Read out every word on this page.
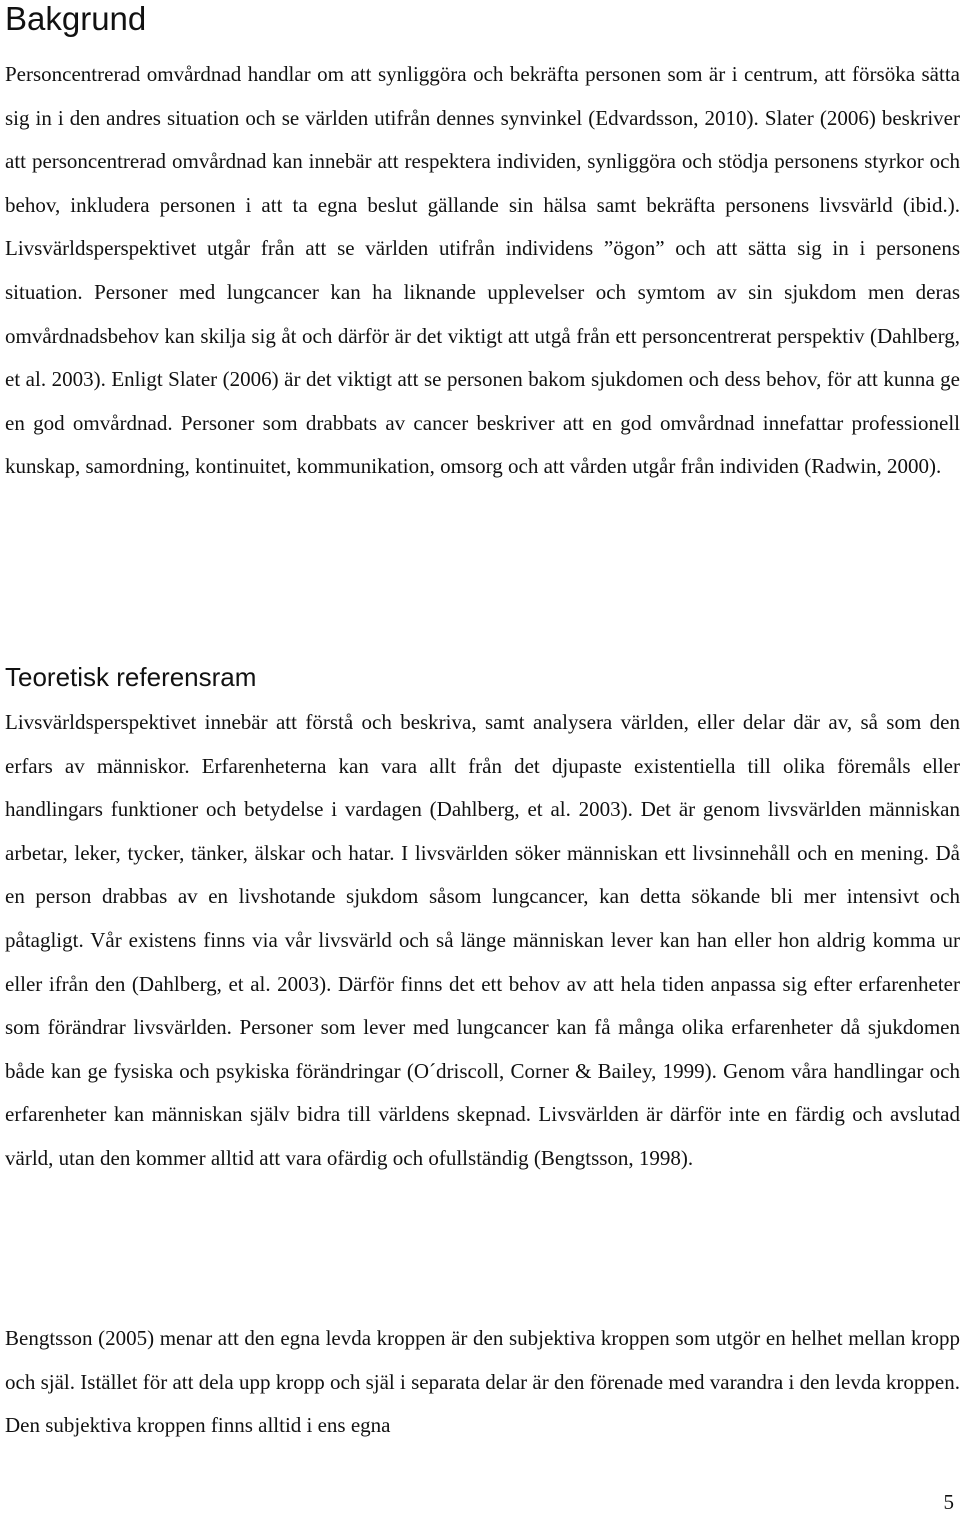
Bakgrund

Personcentrerad omvårdnad handlar om att synliggöra och bekräfta personen som är i centrum, att försöka sätta sig in i den andres situation och se världen utifrån dennes synvinkel (Edvardsson, 2010). Slater (2006) beskriver att personcentrerad omvårdnad kan innebär att respektera individen, synliggöra och stödja personens styrkor och behov, inkludera personen i att ta egna beslut gällande sin hälsa samt bekräfta personens livsvärld (ibid.). Livsvärldsperspektivet utgår från att se världen utifrån individens ”ögon” och att sätta sig in i personens situation. Personer med lungcancer kan ha liknande upplevelser och symtom av sin sjukdom men deras omvårdnadsbehov kan skilja sig åt och därför är det viktigt att utgå från ett personcentrerat perspektiv (Dahlberg, et al. 2003). Enligt Slater (2006) är det viktigt att se personen bakom sjukdomen och dess behov, för att kunna ge en god omvårdnad. Personer som drabbats av cancer beskriver att en god omvårdnad innefattar professionell kunskap, samordning, kontinuitet, kommunikation, omsorg och att vården utgår från individen (Radwin, 2000).

Teoretisk referensram

Livsvärldsperspektivet innebär att förstå och beskriva, samt analysera världen, eller delar där av, så som den erfars av människor. Erfarenheterna kan vara allt från det djupaste existentiella till olika föremåls eller handlingars funktioner och betydelse i vardagen (Dahlberg, et al. 2003). Det är genom livsvärlden människan arbetar, leker, tycker, tänker, älskar och hatar. I livsvärlden söker människan ett livsinnehåll och en mening. Då en person drabbas av en livshotande sjukdom såsom lungcancer, kan detta sökande bli mer intensivt och påtagligt. Vår existens finns via vår livsvärld och så länge människan lever kan han eller hon aldrig komma ur eller ifrån den (Dahlberg, et al. 2003). Därför finns det ett behov av att hela tiden anpassa sig efter erfarenheter som förändrar livsvärlden. Personer som lever med lungcancer kan få många olika erfarenheter då sjukdomen både kan ge fysiska och psykiska förändringar (O´driscoll, Corner & Bailey, 1999). Genom våra handlingar och erfarenheter kan människan själv bidra till världens skepnad. Livsvärlden är därför inte en färdig och avslutad värld, utan den kommer alltid att vara ofärdig och ofullständig (Bengtsson, 1998).

Bengtsson (2005) menar att den egna levda kroppen är den subjektiva kroppen som utgör en helhet mellan kropp och själ. Istället för att dela upp kropp och själ i separata delar är den förenade med varandra i den levda kroppen. Den subjektiva kroppen finns alltid i ens egna

5
